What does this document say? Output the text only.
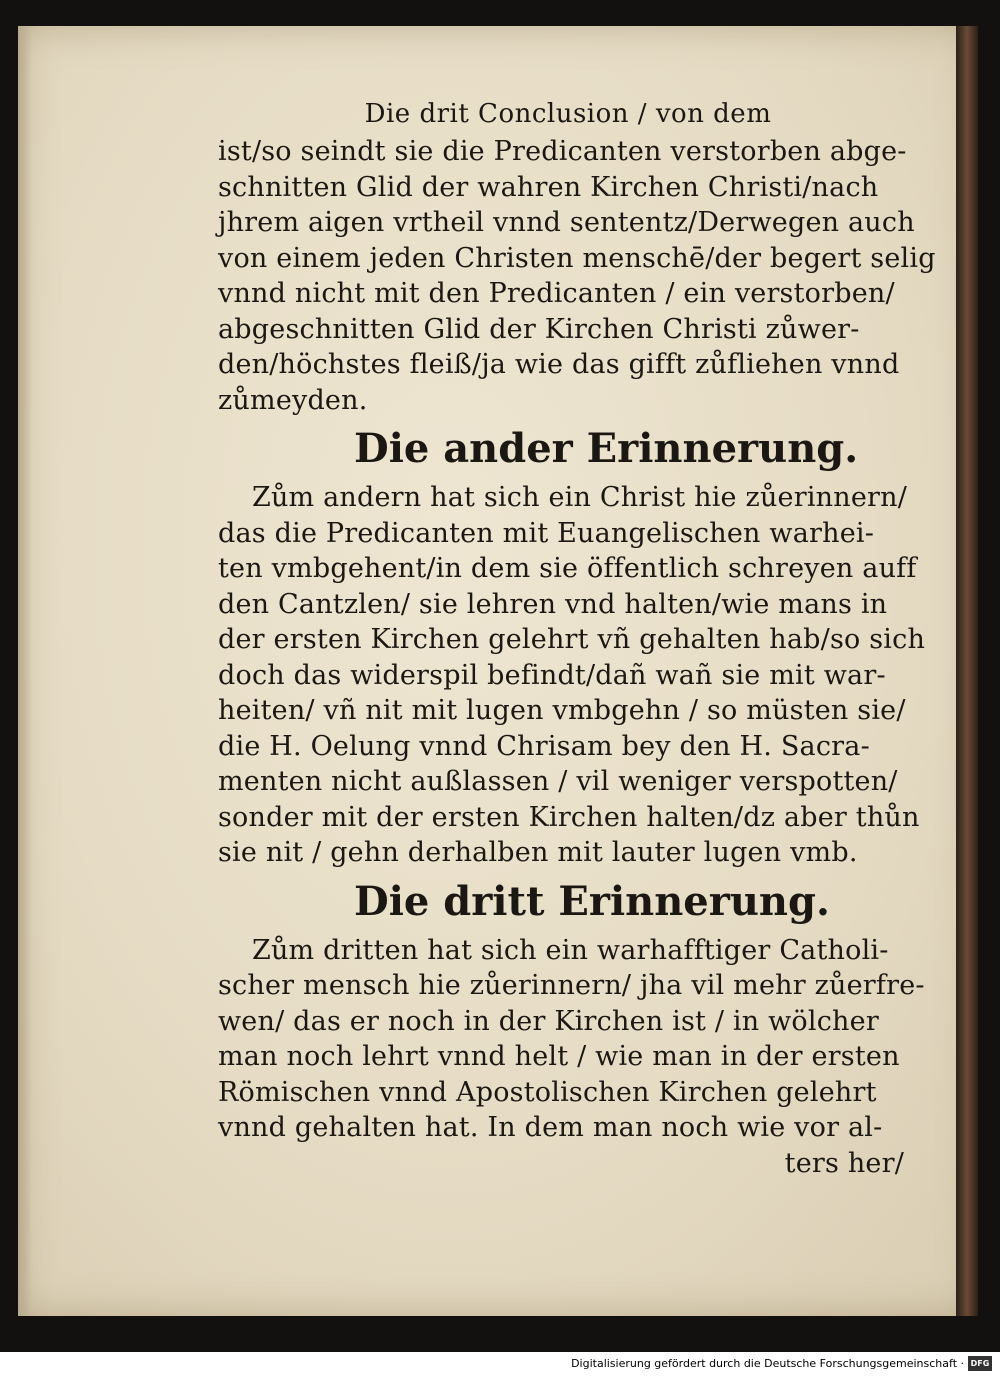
Die drit Conclusion / von dem
ist/so seindt sie die Predicanten verstorben abge-
schnitten Glid der wahren Kirchen Christi/nach
jhrem aigen vrtheil vnnd sententz/Derwegen auch
von einem jeden Christen menschē/der begert selig
vnnd nicht mit den Predicanten / ein verstorben/
abgeschnitten Glid der Kirchen Christi zůwer-
den/höchstes fleiß/ja wie das gifft zůfliehen vnnd
zůmeyden.
Die ander Erinnerung.
Zům andern hat sich ein Christ hie zůerinnern/
das die Predicanten mit Euangelischen warhei-
ten vmbgehent/in dem sie öffentlich schreyen auff
den Cantzlen/ sie lehren vnd halten/wie mans in
der ersten Kirchen gelehrt vñ gehalten hab/so sich
doch das widerspil befindt/dañ wañ sie mit war-
heiten/ vñ nit mit lugen vmbgehn / so müsten sie/
die H. Oelung vnnd Chrisam bey den H. Sacra-
menten nicht außlassen / vil weniger verspotten/
sonder mit der ersten Kirchen halten/dz aber thůn
sie nit / gehn derhalben mit lauter lugen vmb.
Die dritt Erinnerung.
Zům dritten hat sich ein warhafftiger Catholi-
scher mensch hie zůerinnern/ jha vil mehr zůerfre-
wen/ das er noch in der Kirchen ist / in wölcher
man noch lehrt vnnd helt / wie man in der ersten
Römischen vnnd Apostolischen Kirchen gelehrt
vnnd gehalten hat. In dem man noch wie vor al-
ters her/
Digitalisierung gefördert durch die Deutsche Forschungsgemeinschaft · DFG
